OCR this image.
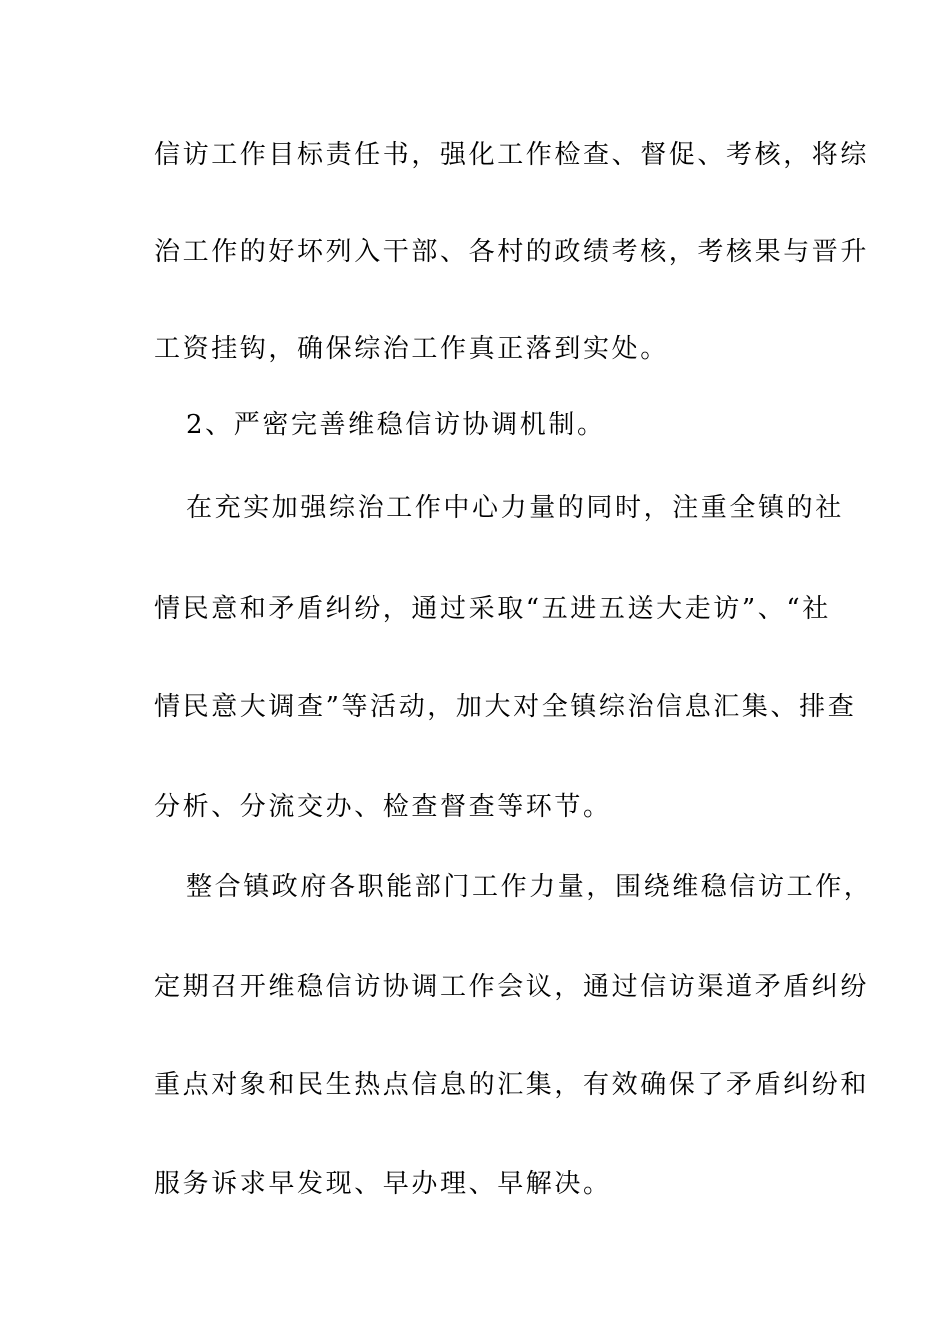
信访工作目标责任书，强化工作检查、督促、考核，将综

治工作的好坏列入干部、各村的政绩考核，考核果与晋升

工资挂钩，确保综治工作真正落到实处。

2、严密完善维稳信访协调机制。

在充实加强综治工作中心力量的同时，注重全镇的社

情民意和矛盾纠纷，通过采取“五进五送大走访”、“社

情民意大调查”等活动，加大对全镇综治信息汇集、排查

分析、分流交办、检查督查等环节。

整合镇政府各职能部门工作力量，围绕维稳信访工作，

定期召开维稳信访协调工作会议，通过信访渠道矛盾纠纷

重点对象和民生热点信息的汇集，有效确保了矛盾纠纷和

服务诉求早发现、早办理、早解决。
